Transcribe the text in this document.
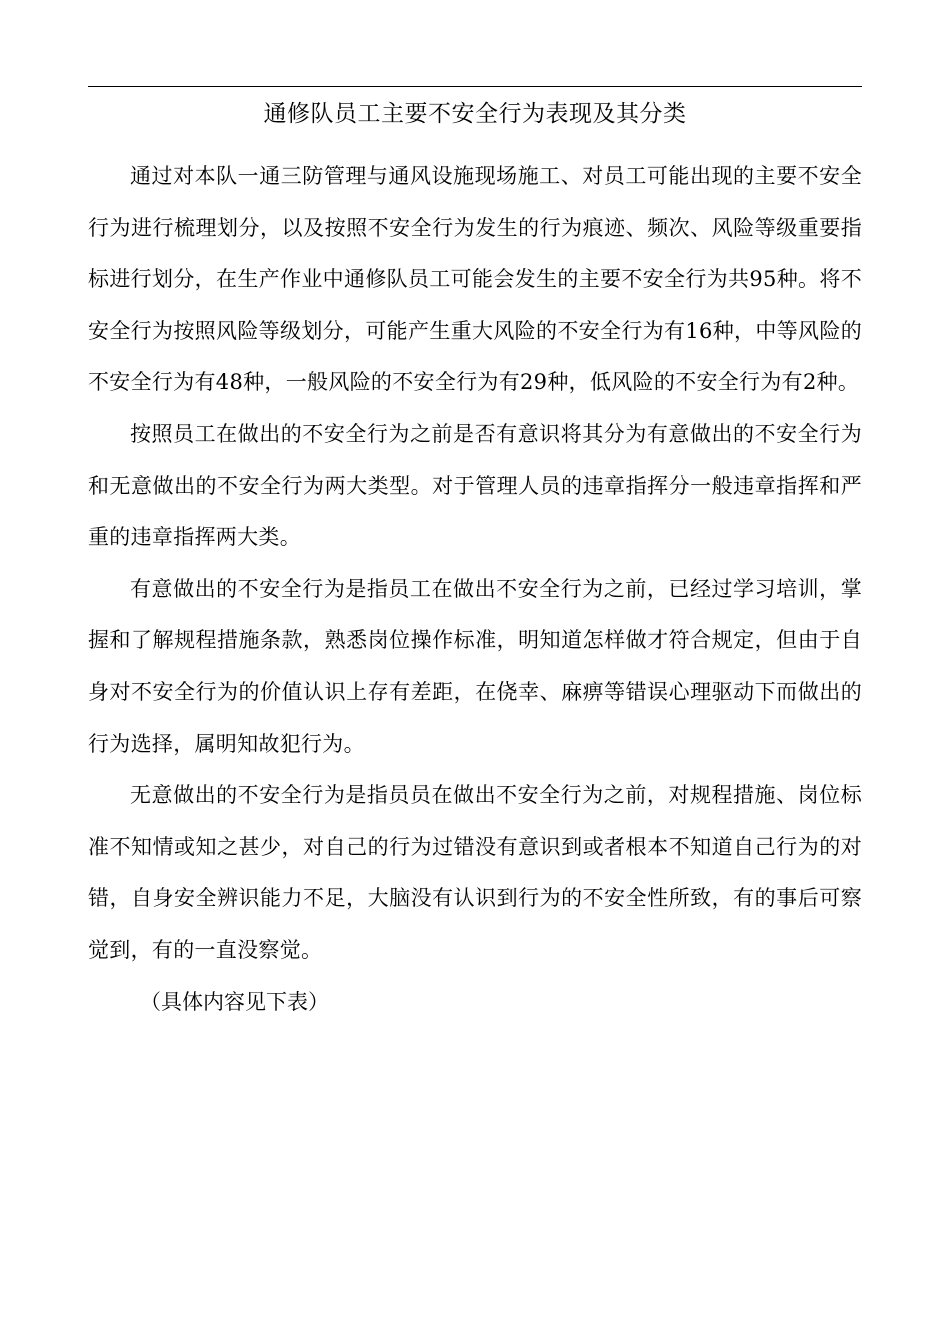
通修队员工主要不安全行为表现及其分类

通过对本队一通三防管理与通风设施现场施工、对员工可能出现的主要不安全行为进行梳理划分，以及按照不安全行为发生的行为痕迹、频次、风险等级重要指标进行划分，在生产作业中通修队员工可能会发生的主要不安全行为共95种。将不安全行为按照风险等级划分，可能产生重大风险的不安全行为有16种，中等风险的不安全行为有48种，一般风险的不安全行为有29种，低风险的不安全行为有2种。

按照员工在做出的不安全行为之前是否有意识将其分为有意做出的不安全行为和无意做出的不安全行为两大类型。对于管理人员的违章指挥分一般违章指挥和严重的违章指挥两大类。

有意做出的不安全行为是指员工在做出不安全行为之前，已经过学习培训，掌握和了解规程措施条款，熟悉岗位操作标准，明知道怎样做才符合规定，但由于自身对不安全行为的价值认识上存有差距，在侥幸、麻痹等错误心理驱动下而做出的行为选择，属明知故犯行为。

无意做出的不安全行为是指员员在做出不安全行为之前，对规程措施、岗位标准不知情或知之甚少，对自己的行为过错没有意识到或者根本不知道自己行为的对错，自身安全辨识能力不足，大脑没有认识到行为的不安全性所致，有的事后可察觉到，有的一直没察觉。

（具体内容见下表）
